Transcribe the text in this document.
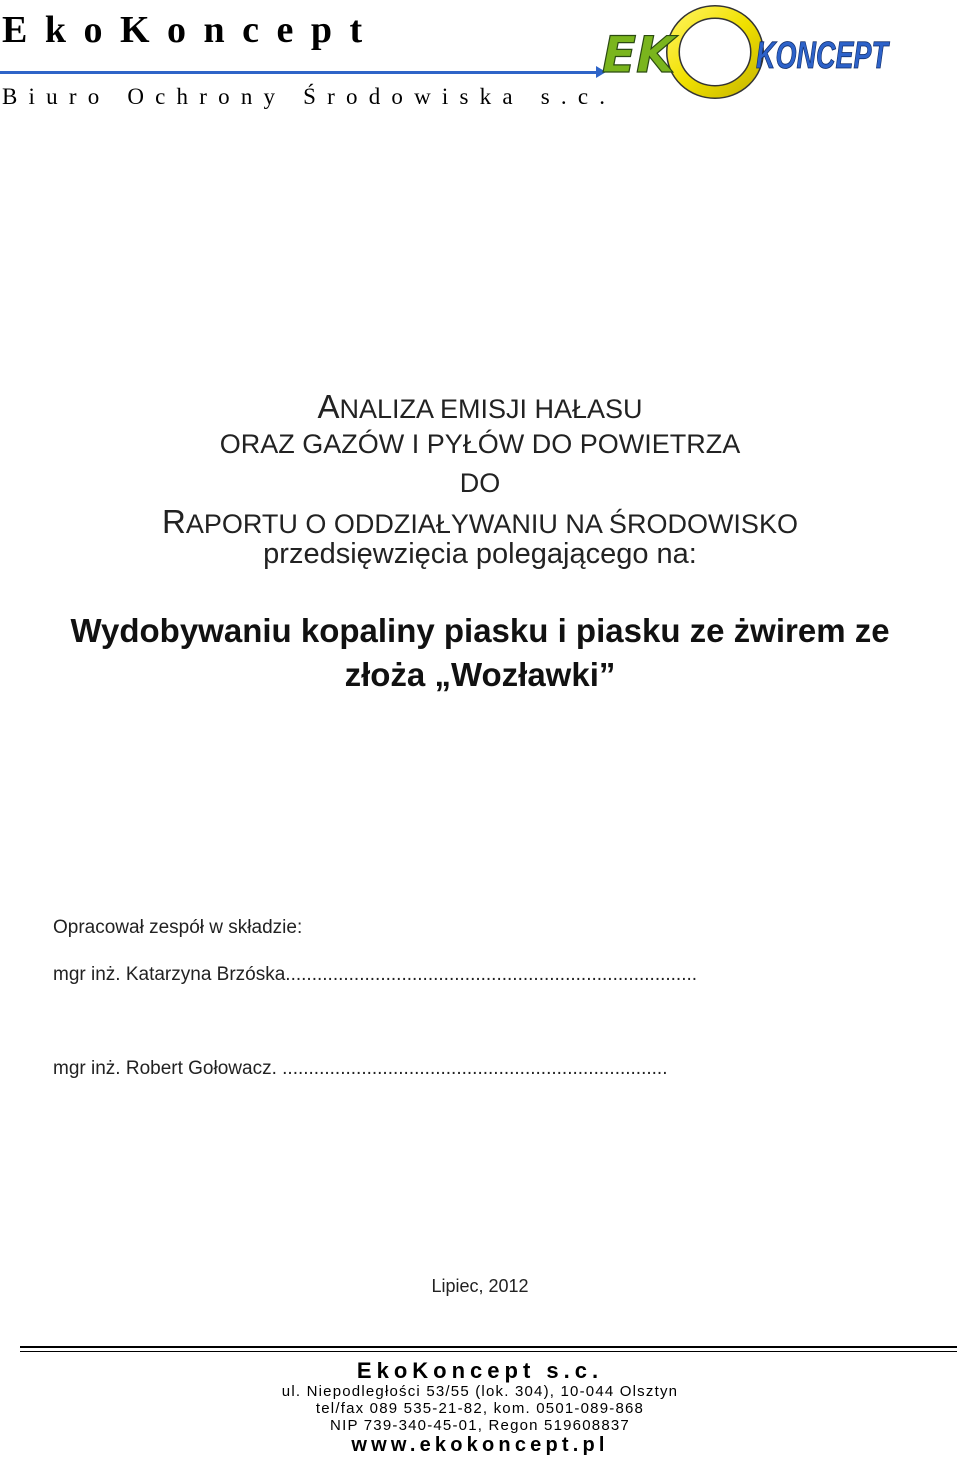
EkoKoncept
Biuro Ochrony Środowiska s.c.
EK KONCEPT
ANALIZA EMISJI HAŁASU
ORAZ GAZÓW I PYŁÓW DO POWIETRZA
DO
RAPORTU O ODDZIAŁYWANIU NA ŚRODOWISKO
przedsięwzięcia polegającego na:
Wydobywaniu kopaliny piasku i piasku ze żwirem ze
złoża „Wozławki”
Opracował zespół w składzie:
mgr inż. Katarzyna Brzóska..............................................................................
mgr inż. Robert Gołowacz. .........................................................................
Lipiec, 2012
EkoKoncept s.c.
ul. Niepodległości 53/55 (lok. 304), 10-044 Olsztyn
tel/fax 089 535-21-82, kom. 0501-089-868
NIP 739-340-45-01, Regon 519608837
www.ekokoncept.pl
